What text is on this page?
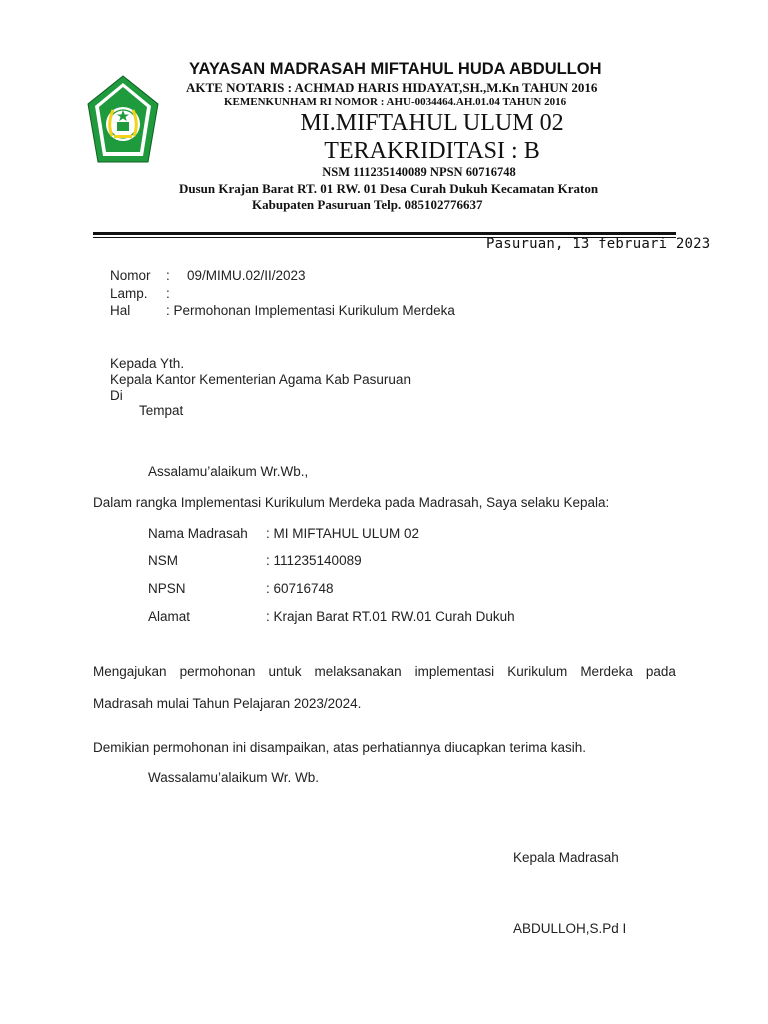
YAYASAN MADRASAH MIFTAHUL HUDA ABDULLOH
AKTE NOTARIS : ACHMAD HARIS HIDAYAT,SH.,M.Kn TAHUN 2016
KEMENKUNHAM RI NOMOR : AHU-0034464.AH.01.04 TAHUN 2016
MI.MIFTAHUL ULUM 02
TERAKRIDITASI : B
NSM 111235140089 NPSN 60716748
Dusun Krajan Barat RT. 01 RW. 01 Desa Curah Dukuh Kecamatan Kraton
Kabupaten Pasuruan Telp. 085102776637
Pasuruan, 13 februari 2023
Nomor : 09/MIMU.02/II/2023
Lamp. :
Hal	: Permohonan Implementasi Kurikulum Merdeka
Kepada Yth.
Kepala Kantor Kementerian Agama Kab Pasuruan
Di
Tempat
Assalamu’alaikum Wr.Wb.,
Dalam rangka Implementasi Kurikulum Merdeka pada Madrasah, Saya selaku Kepala:
Nama Madrasah : MI MIFTAHUL ULUM 02
NSM	: 111235140089
NPSN	: 60716748
Alamat	: Krajan Barat RT.01 RW.01 Curah Dukuh
Mengajukan permohonan untuk melaksanakan implementasi Kurikulum Merdeka pada
Madrasah mulai Tahun Pelajaran 2023/2024.
Demikian permohonan ini disampaikan, atas perhatiannya diucapkan terima kasih.
Wassalamu’alaikum Wr. Wb.
Kepala Madrasah
ABDULLOH,S.Pd I
